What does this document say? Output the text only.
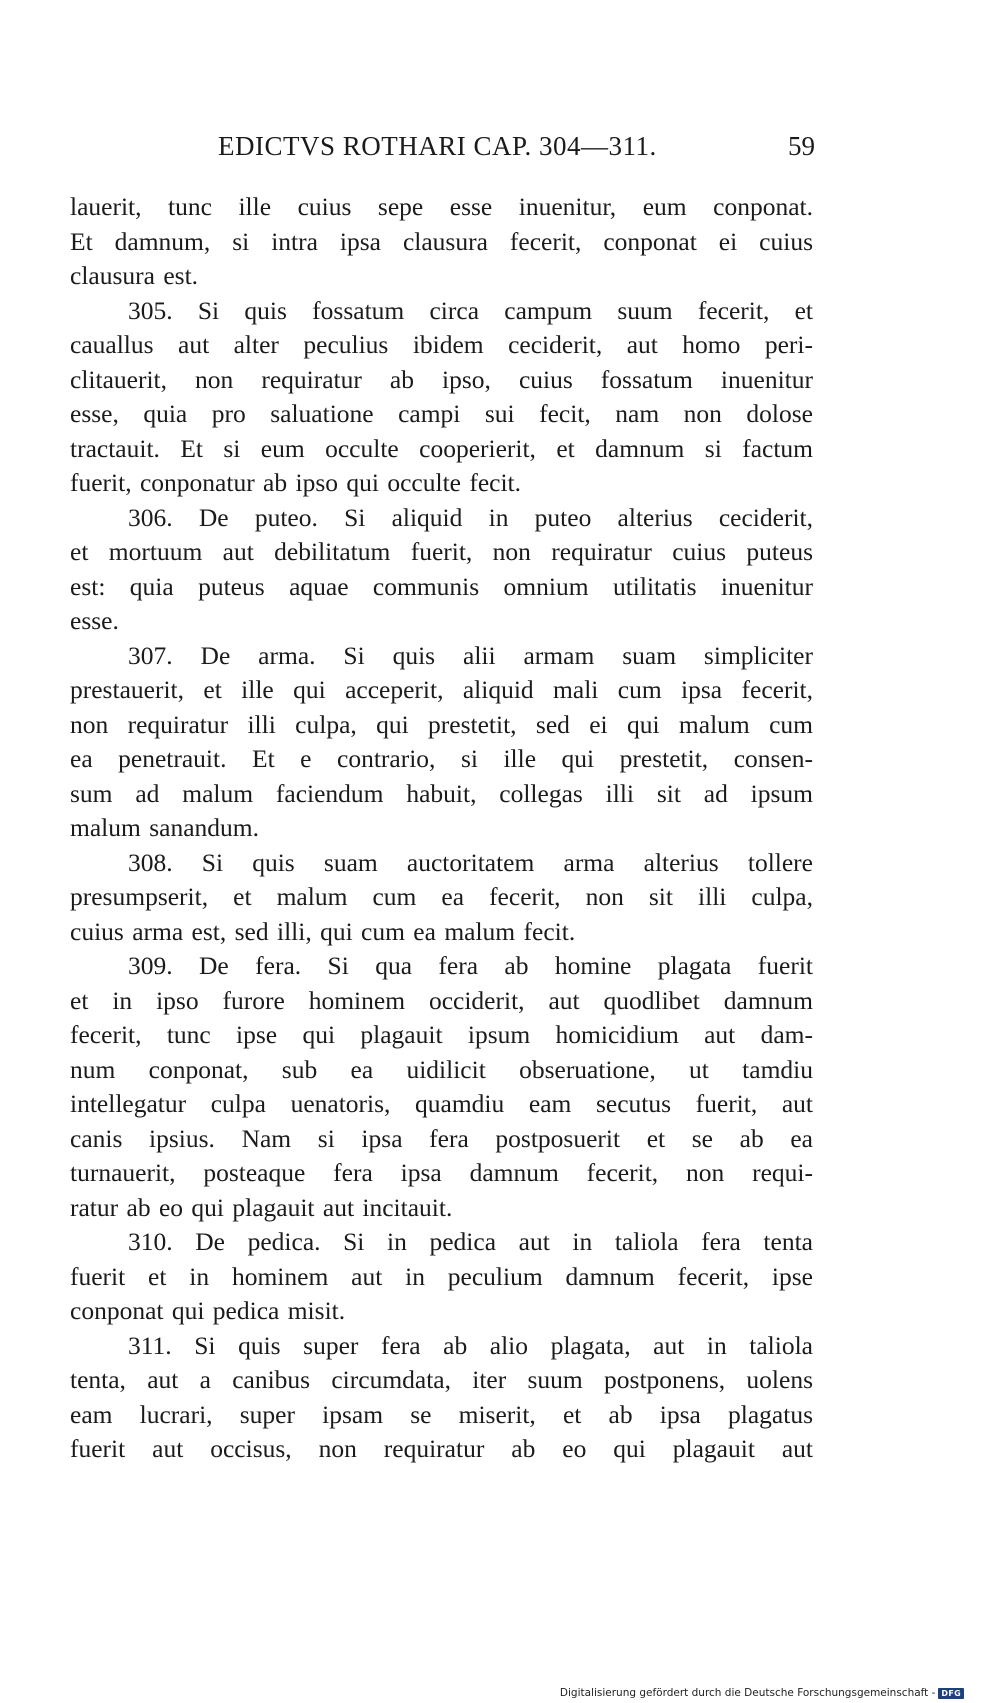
EDICTVS ROTHARI CAP. 304—311.	59
lauerit, tunc ille cuius sepe esse inuenitur, eum conponat.
Et damnum, si intra ipsa clausura fecerit, conponat ei cuius
clausura est.
305. Si quis fossatum circa campum suum fecerit, et
cauallus aut alter peculius ibidem ceciderit, aut homo peri-
clitauerit, non requiratur ab ipso, cuius fossatum inuenitur
esse, quia pro saluatione campi sui fecit, nam non dolose
tractauit. Et si eum occulte cooperierit, et damnum si factum
fuerit, conponatur ab ipso qui occulte fecit.
306. De puteo. Si aliquid in puteo alterius ceciderit,
et mortuum aut debilitatum fuerit, non requiratur cuius puteus
est: quia puteus aquae communis omnium utilitatis inuenitur
esse.
307. De arma. Si quis alii armam suam simpliciter
prestauerit, et ille qui acceperit, aliquid mali cum ipsa fecerit,
non requiratur illi culpa, qui prestetit, sed ei qui malum cum
ea penetrauit. Et e contrario, si ille qui prestetit, consen-
sum ad malum faciendum habuit, collegas illi sit ad ipsum
malum sanandum.
308. Si quis suam auctoritatem arma alterius tollere
presumpserit, et malum cum ea fecerit, non sit illi culpa,
cuius arma est, sed illi, qui cum ea malum fecit.
309. De fera. Si qua fera ab homine plagata fuerit
et in ipso furore hominem occiderit, aut quodlibet damnum
fecerit, tunc ipse qui plagauit ipsum homicidium aut dam-
num conponat, sub ea uidilicit obseruatione, ut tamdiu
intellegatur culpa uenatoris, quamdiu eam secutus fuerit, aut
canis ipsius. Nam si ipsa fera postposuerit et se ab ea
turnauerit, posteaque fera ipsa damnum fecerit, non requi-
ratur ab eo qui plagauit aut incitauit.
310. De pedica. Si in pedica aut in taliola fera tenta
fuerit et in hominem aut in peculium damnum fecerit, ipse
conponat qui pedica misit.
311. Si quis super fera ab alio plagata, aut in taliola
tenta, aut a canibus circumdata, iter suum postponens, uolens
eam lucrari, super ipsam se miserit, et ab ipsa plagatus
fuerit aut occisus, non requiratur ab eo qui plagauit aut
Digitalisierung gefördert durch die Deutsche Forschungsgemeinschaft - DFG
